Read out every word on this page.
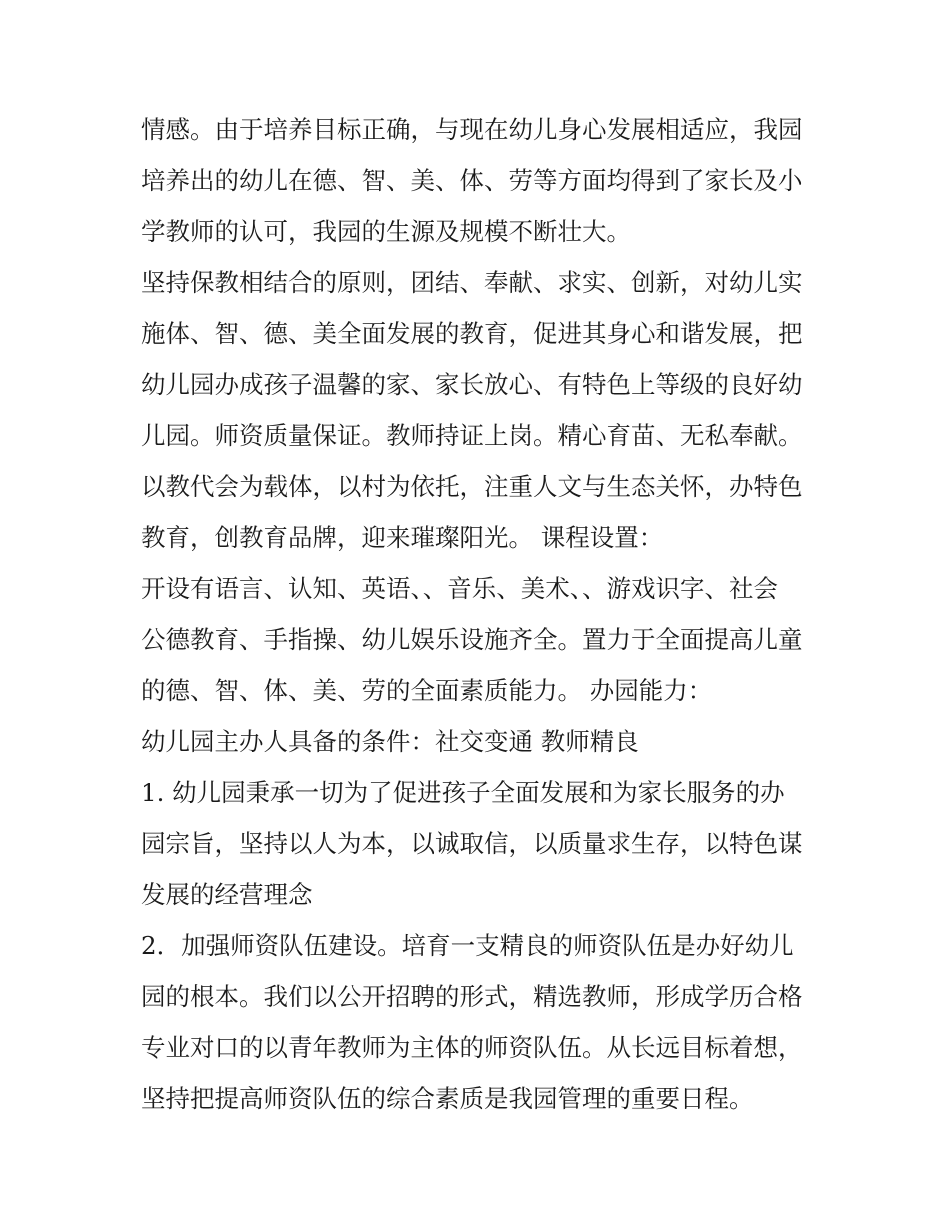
情感。由于培养目标正确，与现在幼儿身心发展相适应，我园
培养出的幼儿在德、智、美、体、劳等方面均得到了家长及小
学教师的认可，我园的生源及规模不断壮大。
坚持保教相结合的原则，团结、奉献、求实、创新，对幼儿实
施体、智、德、美全面发展的教育，促进其身心和谐发展，把
幼儿园办成孩子温馨的家、家长放心、有特色上等级的良好幼
儿园。师资质量保证。教师持证上岗。精心育苗、无私奉献。
以教代会为载体，以村为依托，注重人文与生态关怀，办特色
教育，创教育品牌，迎来璀璨阳光。 课程设置：
开设有语言、认知、英语、、音乐、美术、、游戏识字、社会
公德教育、手指操、幼儿娱乐设施齐全。置力于全面提高儿童
的德、智、体、美、劳的全面素质能力。 办园能力：
幼儿园主办人具备的条件：社交变通 教师精良
1. 幼儿园秉承一切为了促进孩子全面发展和为家长服务的办
园宗旨，坚持以人为本，以诚取信，以质量求生存，以特色谋
发展的经营理念
2．加强师资队伍建设。培育一支精良的师资队伍是办好幼儿
园的根本。我们以公开招聘的形式，精选教师，形成学历合格
专业对口的以青年教师为主体的师资队伍。从长远目标着想，
坚持把提高师资队伍的综合素质是我园管理的重要日程。
